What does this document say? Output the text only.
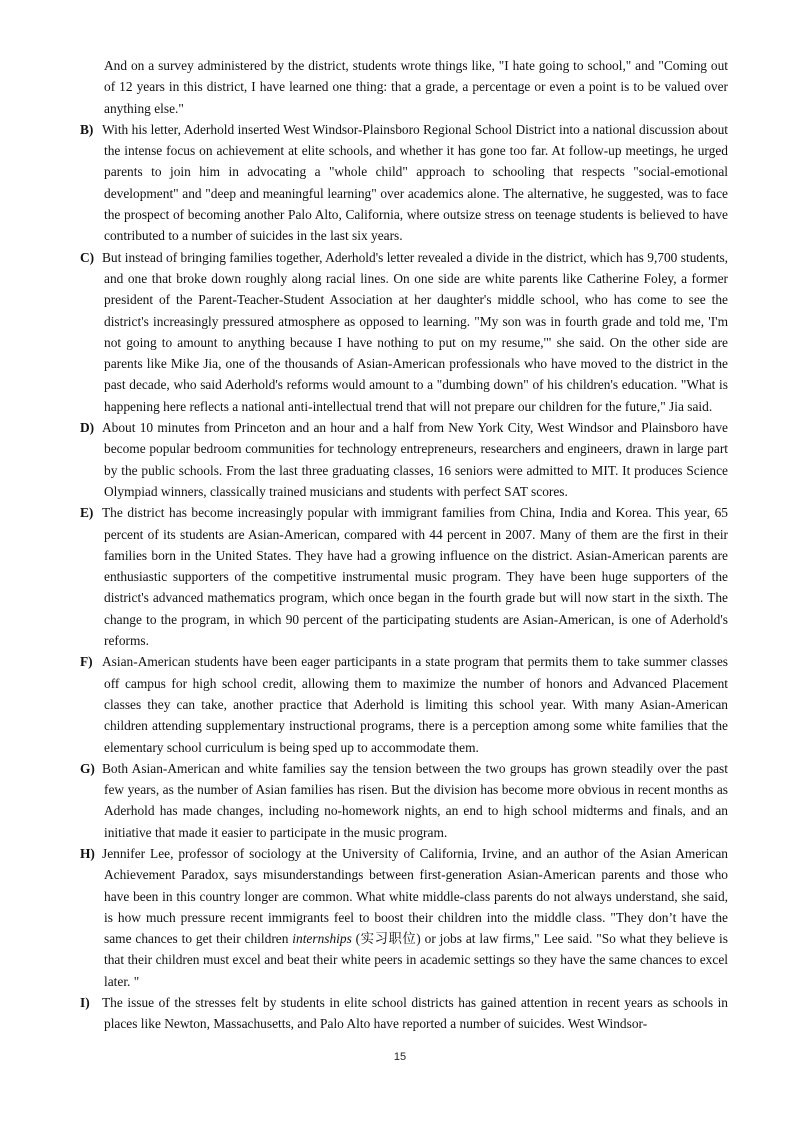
And on a survey administered by the district, students wrote things like, "I hate going to school," and "Coming out of 12 years in this district, I have learned one thing: that a grade, a percentage or even a point is to be valued over anything else."

B) With his letter, Aderhold inserted West Windsor-Plainsboro Regional School District into a national discussion about the intense focus on achievement at elite schools, and whether it has gone too far. At follow-up meetings, he urged parents to join him in advocating a "whole child" approach to schooling that respects "social-emotional development" and "deep and meaningful learning" over academics alone. The alternative, he suggested, was to face the prospect of becoming another Palo Alto, California, where outsize stress on teenage students is believed to have contributed to a number of suicides in the last six years.

C) But instead of bringing families together, Aderhold's letter revealed a divide in the district, which has 9,700 students, and one that broke down roughly along racial lines. On one side are white parents like Catherine Foley, a former president of the Parent-Teacher-Student Association at her daughter's middle school, who has come to see the district's increasingly pressured atmosphere as opposed to learning. "My son was in fourth grade and told me, 'I'm not going to amount to anything because I have nothing to put on my resume,'" she said. On the other side are parents like Mike Jia, one of the thousands of Asian-American professionals who have moved to the district in the past decade, who said Aderhold's reforms would amount to a "dumbing down" of his children's education. "What is happening here reflects a national anti-intellectual trend that will not prepare our children for the future," Jia said.

D) About 10 minutes from Princeton and an hour and a half from New York City, West Windsor and Plainsboro have become popular bedroom communities for technology entrepreneurs, researchers and engineers, drawn in large part by the public schools. From the last three graduating classes, 16 seniors were admitted to MIT. It produces Science Olympiad winners, classically trained musicians and students with perfect SAT scores.

E) The district has become increasingly popular with immigrant families from China, India and Korea. This year, 65 percent of its students are Asian-American, compared with 44 percent in 2007. Many of them are the first in their families born in the United States. They have had a growing influence on the district. Asian-American parents are enthusiastic supporters of the competitive instrumental music program. They have been huge supporters of the district's advanced mathematics program, which once began in the fourth grade but will now start in the sixth. The change to the program, in which 90 percent of the participating students are Asian-American, is one of Aderhold's reforms.

F) Asian-American students have been eager participants in a state program that permits them to take summer classes off campus for high school credit, allowing them to maximize the number of honors and Advanced Placement classes they can take, another practice that Aderhold is limiting this school year. With many Asian-American children attending supplementary instructional programs, there is a perception among some white families that the elementary school curriculum is being sped up to accommodate them.

G) Both Asian-American and white families say the tension between the two groups has grown steadily over the past few years, as the number of Asian families has risen. But the division has become more obvious in recent months as Aderhold has made changes, including no-homework nights, an end to high school midterms and finals, and an initiative that made it easier to participate in the music program.

H) Jennifer Lee, professor of sociology at the University of California, Irvine, and an author of the Asian American Achievement Paradox, says misunderstandings between first-generation Asian-American parents and those who have been in this country longer are common. What white middle-class parents do not always understand, she said, is how much pressure recent immigrants feel to boost their children into the middle class. "They don’t have the same chances to get their children internships (实习职位) or jobs at law firms," Lee said. "So what they believe is that their children must excel and beat their white peers in academic settings so they have the same chances to excel later. "

I) The issue of the stresses felt by students in elite school districts has gained attention in recent years as schools in places like Newton, Massachusetts, and Palo Alto have reported a number of suicides. West Windsor-

15
